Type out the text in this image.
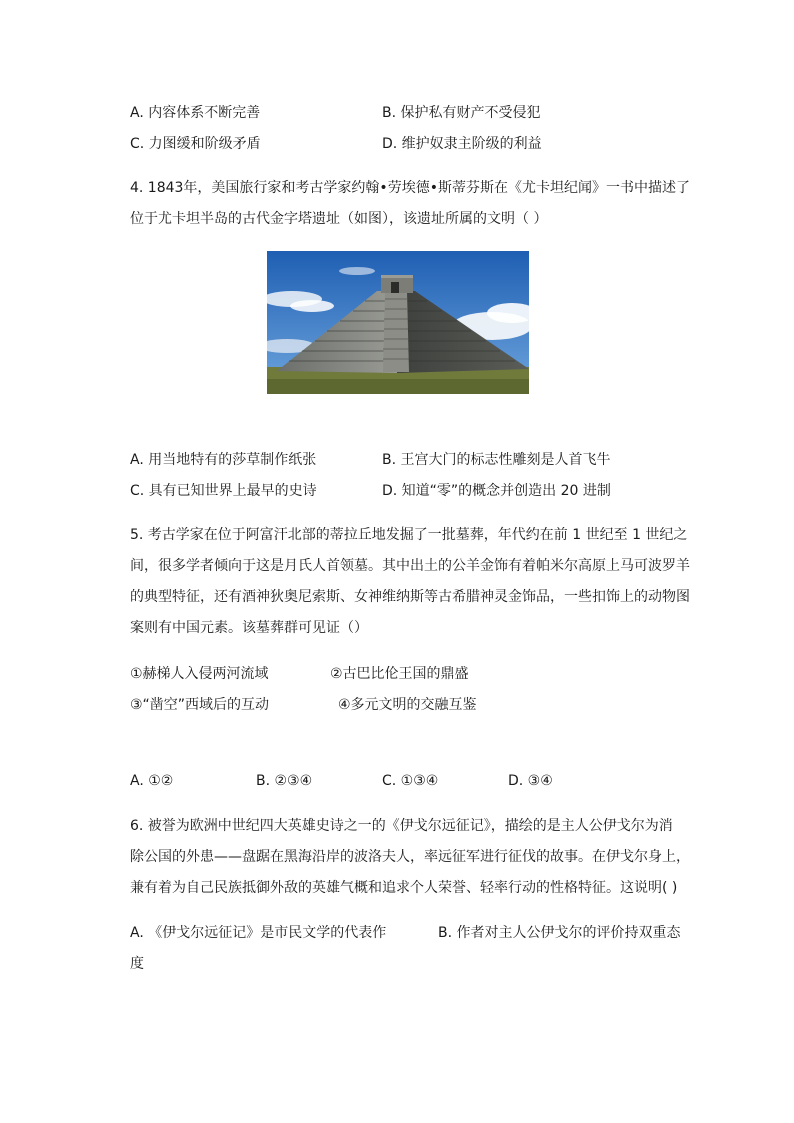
A. 内容体系不断完善	B. 保护私有财产不受侵犯
C. 力图缓和阶级矛盾	D. 维护奴隶主阶级的利益
4. 1843年，美国旅行家和考古学家约翰•劳埃德•斯蒂芬斯在《尤卡坦纪闻》一书中描述了
位于尤卡坦半岛的古代金字塔遗址（如图），该遗址所属的文明（ ）
A. 用当地特有的莎草制作纸张	B. 王宫大门的标志性雕刻是人首飞牛
C. 具有已知世界上最早的史诗	D. 知道“零”的概念并创造出 20 进制
5. 考古学家在位于阿富汗北部的蒂拉丘地发掘了一批墓葬，年代约在前 1 世纪至 1 世纪之
间，很多学者倾向于这是月氏人首领墓。其中出土的公羊金饰有着帕米尔高原上马可波罗羊
的典型特征，还有酒神狄奥尼索斯、女神维纳斯等古希腊神灵金饰品，一些扣饰上的动物图
案则有中国元素。该墓葬群可见证（）
①赫梯人入侵两河流域	②古巴比伦王国的鼎盛
③“凿空”西域后的互动	④多元文明的交融互鉴
A. ①②	B. ②③④	C. ①③④	D. ③④
6. 被誉为欧洲中世纪四大英雄史诗之一的《伊戈尔远征记》，描绘的是主人公伊戈尔为消
除公国的外患——盘踞在黑海沿岸的波洛夫人，率远征军进行征伐的故事。在伊戈尔身上，
兼有着为自己民族抵御外敌的英雄气概和追求个人荣誉、轻率行动的性格特征。这说明( )
A. 《伊戈尔远征记》是市民文学的代表作	B. 作者对主人公伊戈尔的评价持双重态
度
